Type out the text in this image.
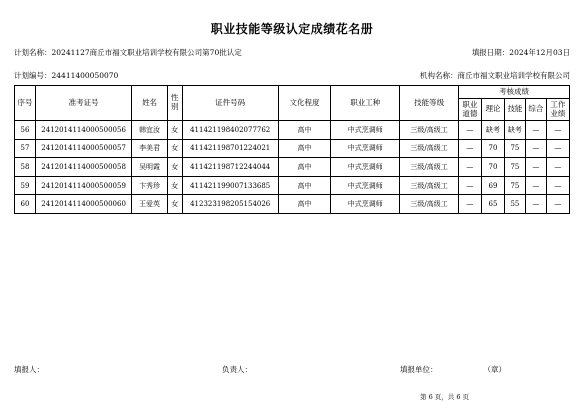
职业技能等级认定成绩花名册
计划名称：20241127商丘市福文职业培训学校有限公司第70批认定	填报日期：2024年12月03日
计划编号：24411400050070	机构名称：商丘市福文职业培训学校有限公司
序号	准考证号	姓名	性别	证件号码	文化程度	职业工种	技能等级	考核成绩				
								职业道德	理论	技能	综合	工作业绩
56	2412014114000500056	韩宜汝	女	411421198402077762	高中	中式烹调师	三级/高级工	—	缺考	缺考	—	—
57	2412014114000500057	李美君	女	411421198701224021	高中	中式烹调师	三级/高级工	—	70	75	—	—
58	2412014114000500058	吴明霞	女	411421198712244044	高中	中式烹调师	三级/高级工	—	70	75	—	—
59	2412014114000500059	卞秀珍	女	411421199007133685	高中	中式烹调师	三级/高级工	—	69	75	—	—
60	2412014114000500060	王爱英	女	412323198205154026	高中	中式烹调师	三级/高级工	—	65	55	—	—
填报人：	负责人：	填报单位：	（章）
第 6 页，共 6 页
